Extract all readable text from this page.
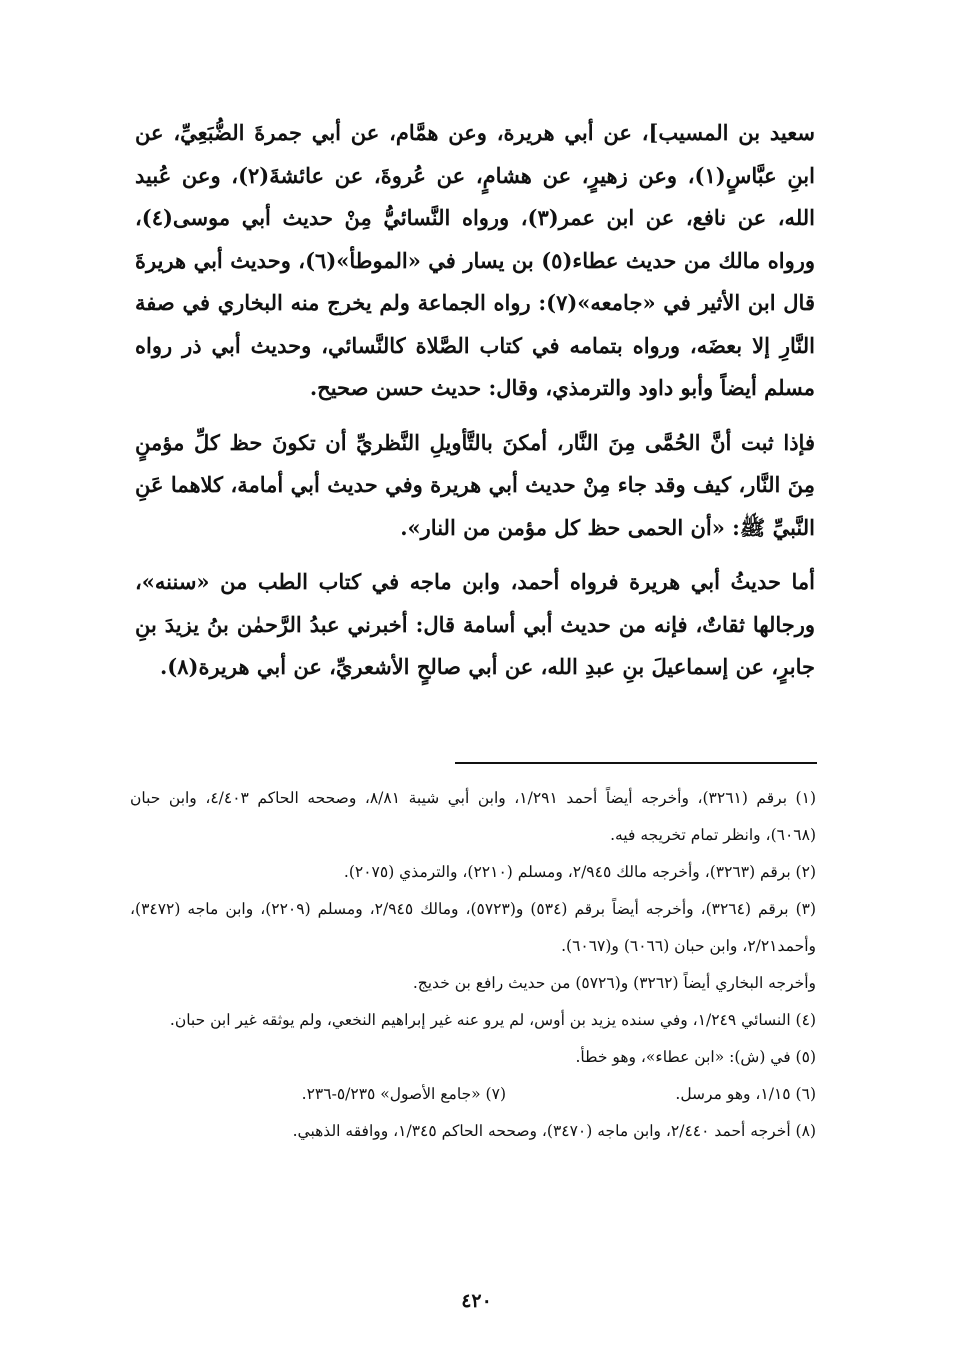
سعيد بن المسيب]، عن أبي هريرة، وعن همَّام، عن أبي جمرةَ الضُّبَعِيِّ، عن ابنِ عبَّاسٍ(١)، وعن زهيرٍ، عن هشامٍ، عن عُروةَ، عن عائشةَ(٢)، وعن عُبيد الله، عن نافع، عن ابن عمر(٣)، ورواه النَّسائيُّ مِنْ حديث أبي موسى(٤)، ورواه مالك من حديث عطاء(٥) بن يسار في «الموطأ»(٦)، وحديث أبي هريرةَ قال ابن الأثير في «جامعه»(٧): رواه الجماعة ولم يخرج منه البخاري في صفة النَّارِ إلا بعضَه، ورواه بتمامه في كتاب الصَّلاة كالنَّسائي، وحديث أبي ذر رواه مسلم أيضاً وأبو داود والترمذي، وقال: حديث حسن صحيح.

فإذا ثبت أنَّ الحُمَّى مِنَ النَّار، أمكنَ بالتَّأويلِ النَّظريِّ أن تكونَ حظ كلِّ مؤمنٍ مِنَ النَّار، كيف وقد جاء مِنْ حديث أبي هريرة وفي حديث أبي أمامة، كلاهما عَنِ النَّبيِّ ﷺ: «أن الحمى حظ كل مؤمن من النار».

أما حديثُ أبي هريرة فرواه أحمد، وابن ماجه في كتاب الطب من «سننه»، ورجالها ثقاتٌ، فإنه من حديث أبي أسامة قال: أخبرني عبدُ الرَّحمٰن بنُ يزيدَ بنِ جابرٍ، عن إسماعيلَ بنِ عبدِ الله، عن أبي صالحٍ الأشعريِّ، عن أبي هريرة(٨).

(١) برقم (٣٢٦١)، وأخرجه أيضاً أحمد ١/٢٩١، وابن أبي شيبة ٨/٨١، وصححه الحاكم ٤/٤٠٣، وابن حبان (٦٠٦٨)، وانظر تمام تخريجه فيه.

(٢) برقم (٣٢٦٣)، وأخرجه مالك ٢/٩٤٥، ومسلم (٢٢١٠)، والترمذي (٢٠٧٥).

(٣) برقم (٣٢٦٤)، وأخرجه أيضاً برقم (٥٣٤) و(٥٧٢٣)، ومالك ٢/٩٤٥، ومسلم (٢٢٠٩)، وابن ماجه (٣٤٧٢)، وأحمد٢/٢١، وابن حبان (٦٠٦٦) و(٦٠٦٧).

وأخرجه البخاري أيضاً (٣٢٦٢) و(٥٧٢٦) من حديث رافع بن خديج.

(٤) النسائي ١/٢٤٩، وفي سنده يزيد بن أوس، لم يرو عنه غير إبراهيم النخعي، ولم يوثقه غير ابن حبان.

(٥) في (ش): «ابن عطاء»، وهو خطأ.

(٦) ١/١٥، وهو مرسل.
(٧) «جامع الأصول» ٥/٢٣٥-٢٣٦.

(٨) أخرجه أحمد ٢/٤٤٠، وابن ماجه (٣٤٧٠)، وصححه الحاكم ١/٣٤٥، ووافقه الذهبي.

٤٢٠
